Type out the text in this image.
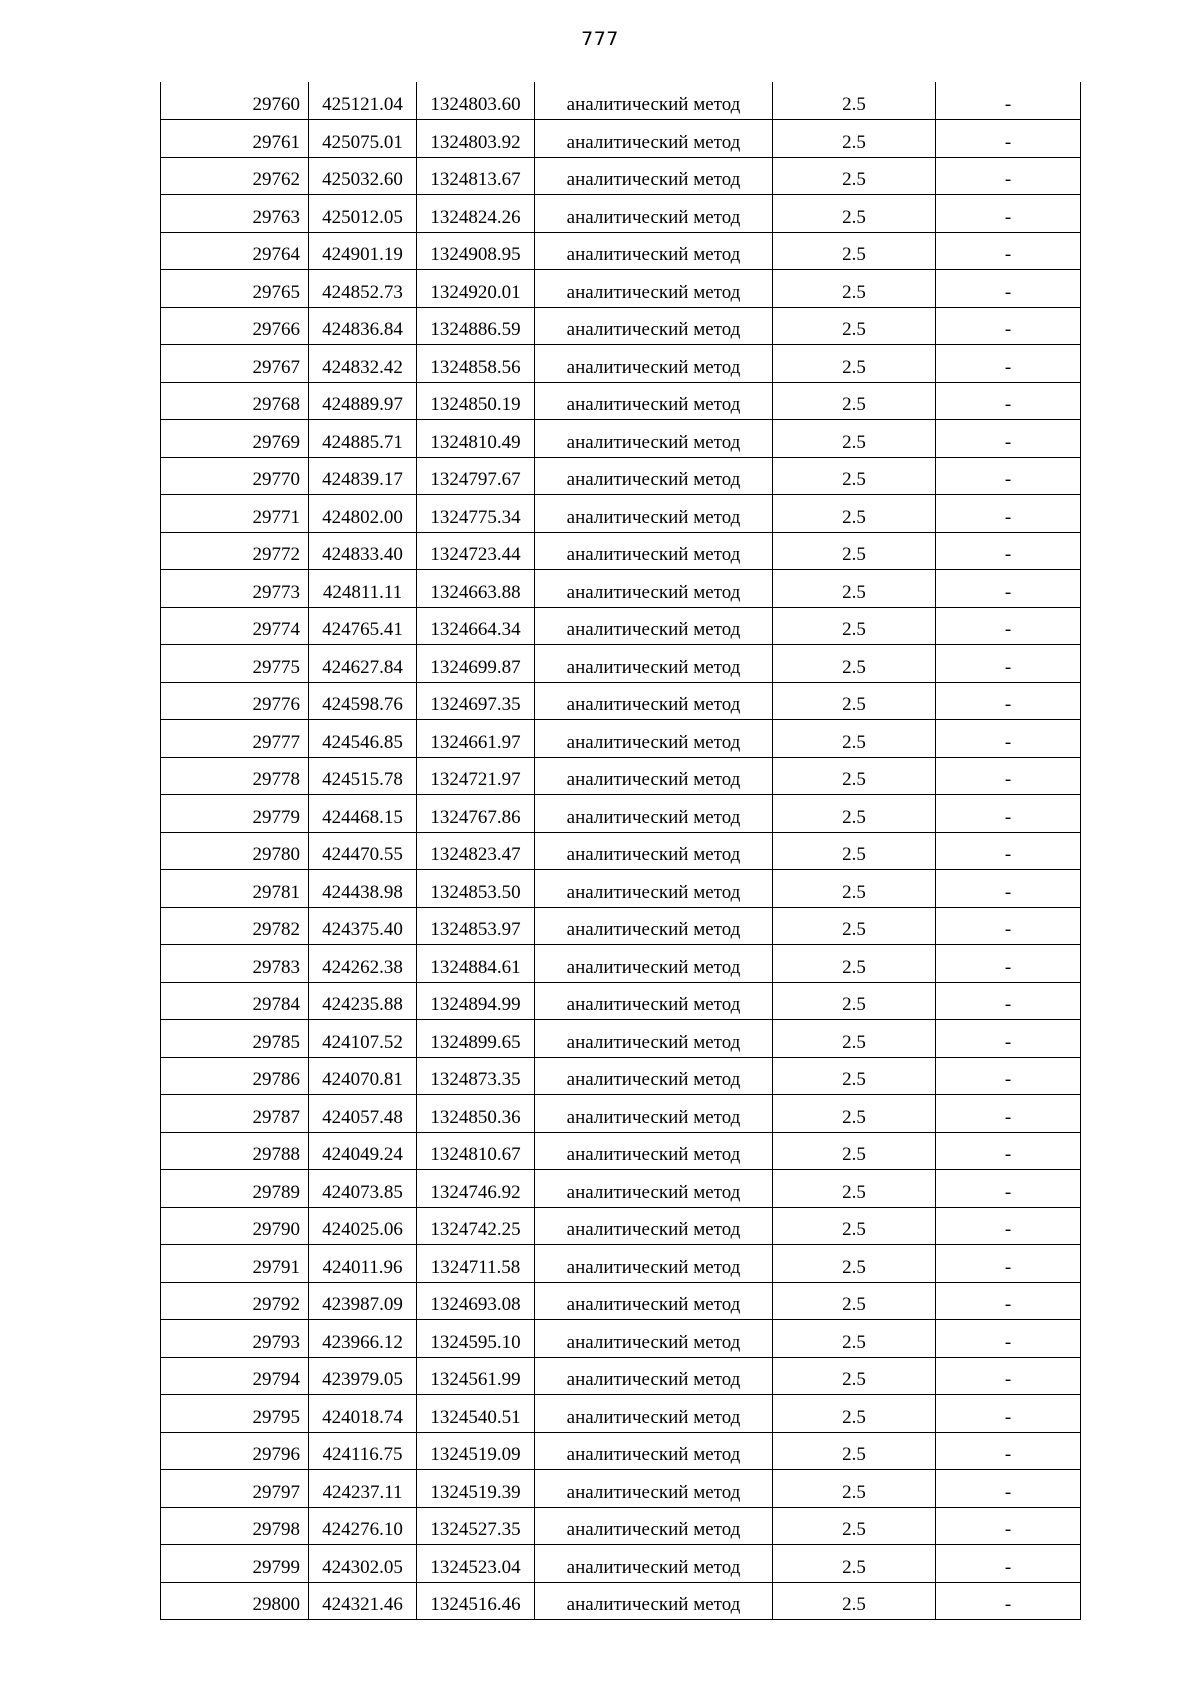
777
29760	425121.04	1324803.60	аналитический метод	2.5	-
29761	425075.01	1324803.92	аналитический метод	2.5	-
29762	425032.60	1324813.67	аналитический метод	2.5	-
29763	425012.05	1324824.26	аналитический метод	2.5	-
29764	424901.19	1324908.95	аналитический метод	2.5	-
29765	424852.73	1324920.01	аналитический метод	2.5	-
29766	424836.84	1324886.59	аналитический метод	2.5	-
29767	424832.42	1324858.56	аналитический метод	2.5	-
29768	424889.97	1324850.19	аналитический метод	2.5	-
29769	424885.71	1324810.49	аналитический метод	2.5	-
29770	424839.17	1324797.67	аналитический метод	2.5	-
29771	424802.00	1324775.34	аналитический метод	2.5	-
29772	424833.40	1324723.44	аналитический метод	2.5	-
29773	424811.11	1324663.88	аналитический метод	2.5	-
29774	424765.41	1324664.34	аналитический метод	2.5	-
29775	424627.84	1324699.87	аналитический метод	2.5	-
29776	424598.76	1324697.35	аналитический метод	2.5	-
29777	424546.85	1324661.97	аналитический метод	2.5	-
29778	424515.78	1324721.97	аналитический метод	2.5	-
29779	424468.15	1324767.86	аналитический метод	2.5	-
29780	424470.55	1324823.47	аналитический метод	2.5	-
29781	424438.98	1324853.50	аналитический метод	2.5	-
29782	424375.40	1324853.97	аналитический метод	2.5	-
29783	424262.38	1324884.61	аналитический метод	2.5	-
29784	424235.88	1324894.99	аналитический метод	2.5	-
29785	424107.52	1324899.65	аналитический метод	2.5	-
29786	424070.81	1324873.35	аналитический метод	2.5	-
29787	424057.48	1324850.36	аналитический метод	2.5	-
29788	424049.24	1324810.67	аналитический метод	2.5	-
29789	424073.85	1324746.92	аналитический метод	2.5	-
29790	424025.06	1324742.25	аналитический метод	2.5	-
29791	424011.96	1324711.58	аналитический метод	2.5	-
29792	423987.09	1324693.08	аналитический метод	2.5	-
29793	423966.12	1324595.10	аналитический метод	2.5	-
29794	423979.05	1324561.99	аналитический метод	2.5	-
29795	424018.74	1324540.51	аналитический метод	2.5	-
29796	424116.75	1324519.09	аналитический метод	2.5	-
29797	424237.11	1324519.39	аналитический метод	2.5	-
29798	424276.10	1324527.35	аналитический метод	2.5	-
29799	424302.05	1324523.04	аналитический метод	2.5	-
29800	424321.46	1324516.46	аналитический метод	2.5	-
